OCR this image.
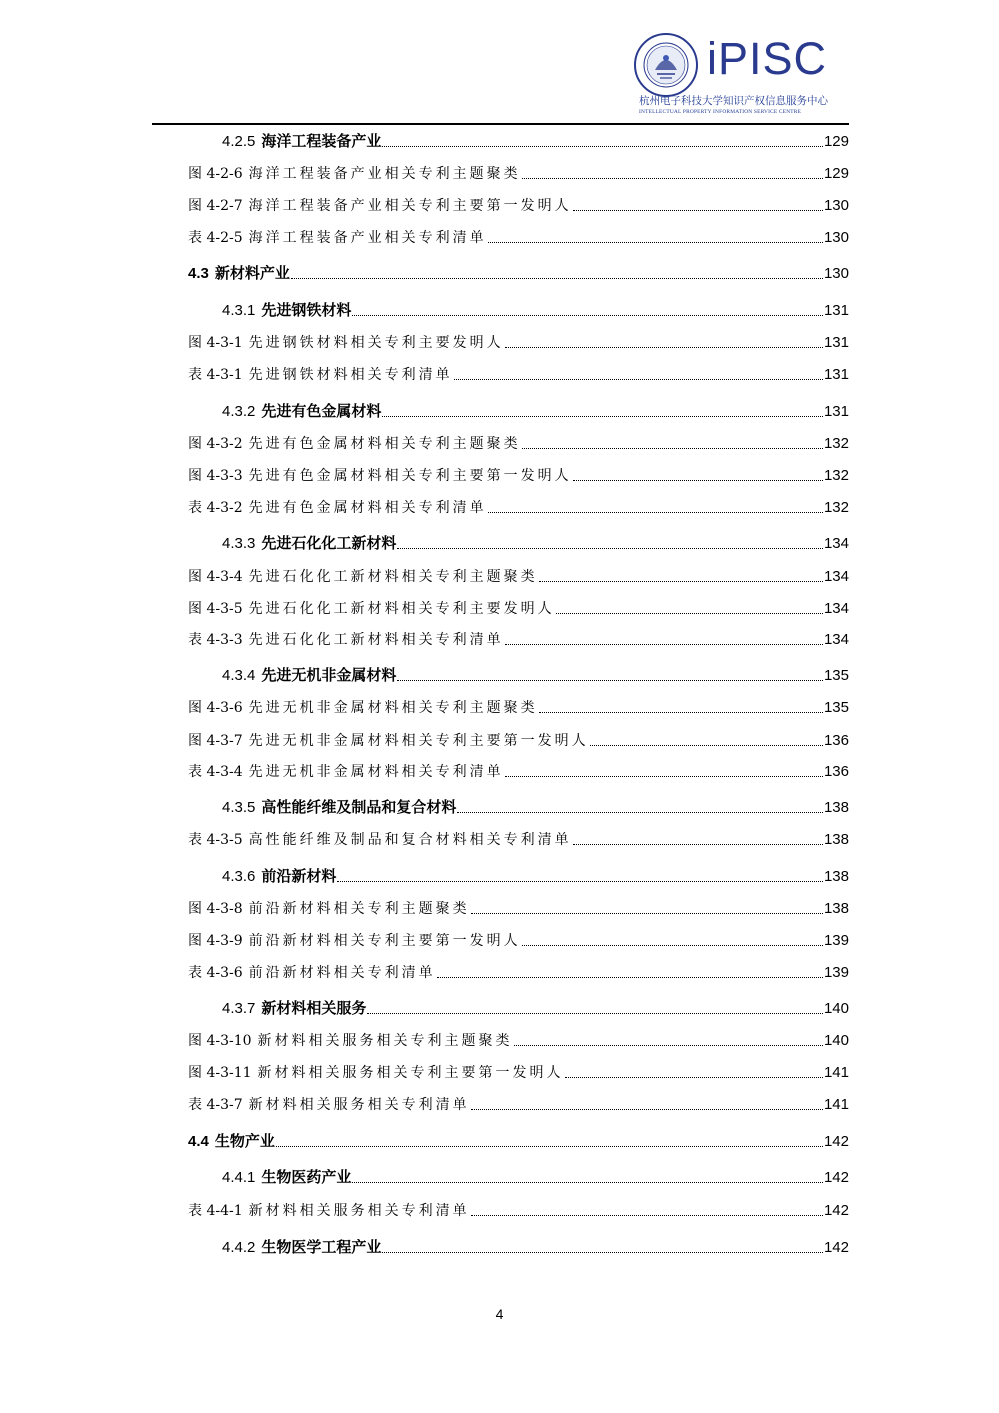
iPISC
杭州电子科技大学知识产权信息服务中心
INTELLECTUAL PROPERTY INFORMATION SERVICE CENTRE
4.2.5 海洋工程装备产业	129
图 4-2-6 海洋工程装备产业相关专利主题聚类	129
图 4-2-7 海洋工程装备产业相关专利主要第一发明人	130
表 4-2-5 海洋工程装备产业相关专利清单	130
4.3 新材料产业	130
4.3.1 先进钢铁材料	131
图 4-3-1 先进钢铁材料相关专利主要发明人	131
表 4-3-1 先进钢铁材料相关专利清单	131
4.3.2 先进有色金属材料	131
图 4-3-2 先进有色金属材料相关专利主题聚类	132
图 4-3-3 先进有色金属材料相关专利主要第一发明人	132
表 4-3-2 先进有色金属材料相关专利清单	132
4.3.3 先进石化化工新材料	134
图 4-3-4 先进石化化工新材料相关专利主题聚类	134
图 4-3-5 先进石化化工新材料相关专利主要发明人	134
表 4-3-3 先进石化化工新材料相关专利清单	134
4.3.4 先进无机非金属材料	135
图 4-3-6 先进无机非金属材料相关专利主题聚类	135
图 4-3-7 先进无机非金属材料相关专利主要第一发明人	136
表 4-3-4 先进无机非金属材料相关专利清单	136
4.3.5 高性能纤维及制品和复合材料	138
表 4-3-5 高性能纤维及制品和复合材料相关专利清单	138
4.3.6 前沿新材料	138
图 4-3-8 前沿新材料相关专利主题聚类	138
图 4-3-9 前沿新材料相关专利主要第一发明人	139
表 4-3-6 前沿新材料相关专利清单	139
4.3.7 新材料相关服务	140
图 4-3-10 新材料相关服务相关专利主题聚类	140
图 4-3-11 新材料相关服务相关专利主要第一发明人	141
表 4-3-7 新材料相关服务相关专利清单	141
4.4 生物产业	142
4.4.1 生物医药产业	142
表 4-4-1 新材料相关服务相关专利清单	142
4.4.2 生物医学工程产业	142
4
